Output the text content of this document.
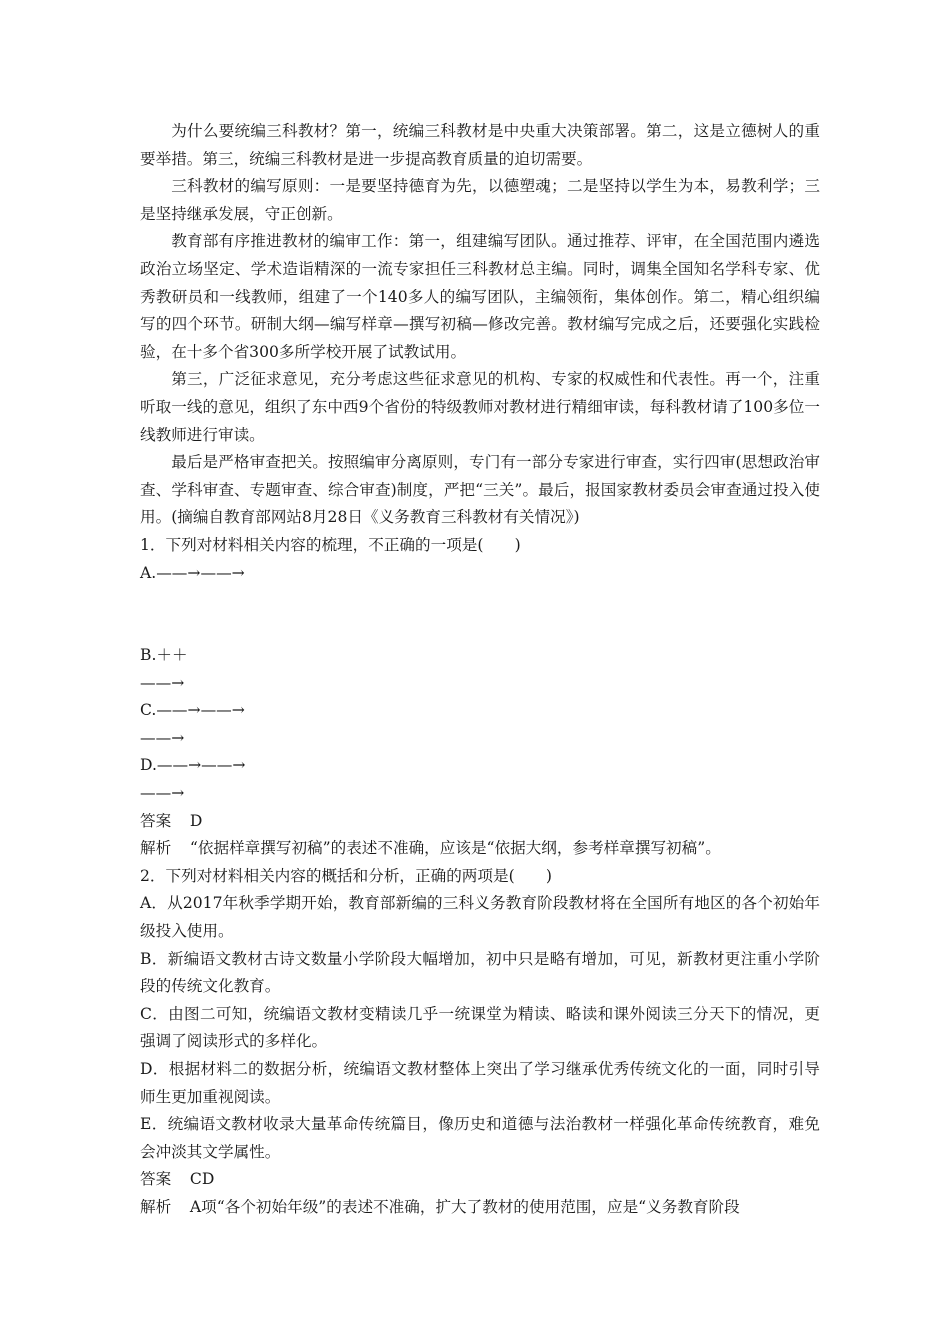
为什么要统编三科教材？第一，统编三科教材是中央重大决策部署。第二，这是立德树人的重要举措。第三，统编三科教材是进一步提高教育质量的迫切需要。

三科教材的编写原则：一是要坚持德育为先，以德塑魂；二是坚持以学生为本，易教利学；三是坚持继承发展，守正创新。

教育部有序推进教材的编审工作：第一，组建编写团队。通过推荐、评审，在全国范围内遴选政治立场坚定、学术造诣精深的一流专家担任三科教材总主编。同时，调集全国知名学科专家、优秀教研员和一线教师，组建了一个140多人的编写团队，主编领衔，集体创作。第二，精心组织编写的四个环节。研制大纲—编写样章—撰写初稿—修改完善。教材编写完成之后，还要强化实践检验，在十多个省300多所学校开展了试教试用。

第三，广泛征求意见，充分考虑这些征求意见的机构、专家的权威性和代表性。再一个，注重听取一线的意见，组织了东中西9个省份的特级教师对教材进行精细审读，每科教材请了100多位一线教师进行审读。

最后是严格审查把关。按照编审分离原则，专门有一部分专家进行审查，实行四审(思想政治审查、学科审查、专题审查、综合审查)制度，严把“三关”。最后，报国家教材委员会审查通过投入使用。(摘编自教育部网站8月28日《义务教育三科教材有关情况》)

1．下列对材料相关内容的梳理，不正确的一项是(　　)

A.——→——→

B.＋＋

——→

C.——→——→

——→

D.——→——→

——→

答案 D

解析 “依据样章撰写初稿”的表述不准确，应该是“依据大纲，参考样章撰写初稿”。

2．下列对材料相关内容的概括和分析，正确的两项是(　　)

A．从2017年秋季学期开始，教育部新编的三科义务教育阶段教材将在全国所有地区的各个初始年级投入使用。

B．新编语文教材古诗文数量小学阶段大幅增加，初中只是略有增加，可见，新教材更注重小学阶段的传统文化教育。

C．由图二可知，统编语文教材变精读几乎一统课堂为精读、略读和课外阅读三分天下的情况，更强调了阅读形式的多样化。

D．根据材料二的数据分析，统编语文教材整体上突出了学习继承优秀传统文化的一面，同时引导师生更加重视阅读。

E．统编语文教材收录大量革命传统篇目，像历史和道德与法治教材一样强化革命传统教育，难免会冲淡其文学属性。

答案 CD

解析 A项“各个初始年级”的表述不准确，扩大了教材的使用范围，应是“义务教育阶段
